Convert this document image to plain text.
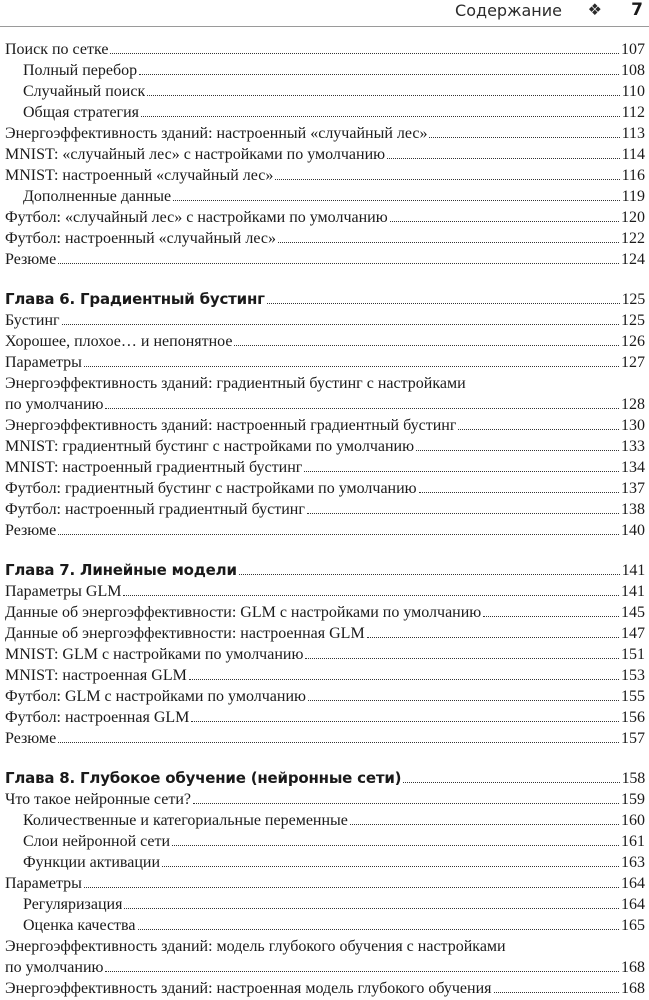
Содержание ❖ 7
Поиск по сетке	107
Полный перебор	108
Случайный поиск	110
Общая стратегия	112
Энергоэффективность зданий: настроенный «случайный лес»	113
MNIST: «случайный лес» с настройками по умолчанию	114
MNIST: настроенный «случайный лес»	116
Дополненные данные	119
Футбол: «случайный лес» с настройками по умолчанию	120
Футбол: настроенный «случайный лес»	122
Резюме	124
Глава 6. Градиентный бустинг	125
Бустинг	125
Хорошее, плохое… и непонятное	126
Параметры	127
Энергоэффективность зданий: градиентный бустинг с настройками
по умолчанию	128
Энергоэффективность зданий: настроенный градиентный бустинг	130
MNIST: градиентный бустинг с настройками по умолчанию	133
MNIST: настроенный градиентный бустинг	134
Футбол: градиентный бустинг с настройками по умолчанию	137
Футбол: настроенный градиентный бустинг	138
Резюме	140
Глава 7. Линейные модели	141
Параметры GLM	141
Данные об энергоэффективности: GLM с настройками по умолчанию	145
Данные об энергоэффективности: настроенная GLM	147
MNIST: GLM с настройками по умолчанию	151
MNIST: настроенная GLM	153
Футбол: GLM с настройками по умолчанию	155
Футбол: настроенная GLM	156
Резюме	157
Глава 8. Глубокое обучение (нейронные сети)	158
Что такое нейронные сети?	159
Количественные и категориальные переменные	160
Слои нейронной сети	161
Функции активации	163
Параметры	164
Регуляризация	164
Оценка качества	165
Энергоэффективность зданий: модель глубокого обучения с настройками
по умолчанию	168
Энергоэффективность зданий: настроенная модель глубокого обучения	168
